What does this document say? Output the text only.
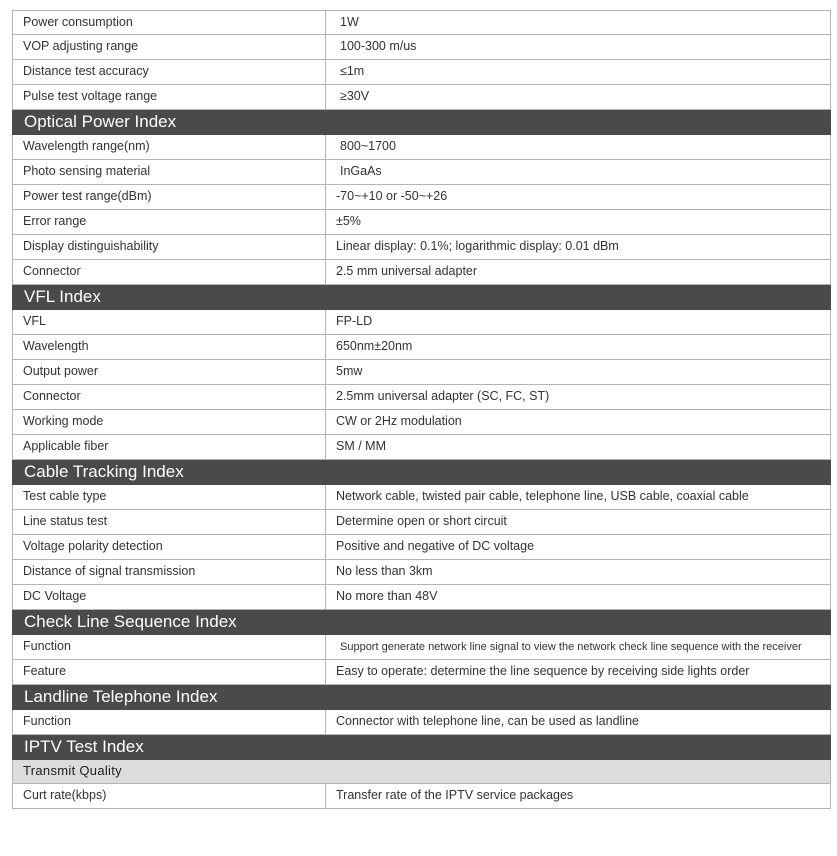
Power consumption	1W
VOP adjusting range	100-300 m/us
Distance test accuracy	≤1m
Pulse test voltage range	≥30V
Optical Power Index	
Wavelength range(nm)	800~1700
Photo sensing material	InGaAs
Power test range(dBm)	-70~+10 or -50~+26
Error range	±5%
Display distinguishability	Linear display: 0.1%; logarithmic display: 0.01 dBm
Connector	2.5 mm universal adapter
VFL Index	
VFL	FP-LD
Wavelength	650nm±20nm
Output power	5mw
Connector	2.5mm universal adapter (SC, FC, ST)
Working mode	CW or 2Hz modulation
Applicable fiber	SM / MM
Cable Tracking Index	
Test cable type	Network cable, twisted pair cable, telephone line, USB cable, coaxial cable
Line status test	Determine open or short circuit
Voltage polarity detection	Positive and negative of DC voltage
Distance of signal transmission	No less than 3km
DC Voltage	No more than 48V
Check Line Sequence Index	
Function	Support generate network line signal to view the network check line sequence with the receiver
Feature	Easy to operate: determine the line sequence by receiving side lights order
Landline Telephone Index	
Function	Connector with telephone line, can be used as landline
IPTV Test Index	
Transmit Quality	
Curt rate(kbps)	Transfer rate of the IPTV service packages
